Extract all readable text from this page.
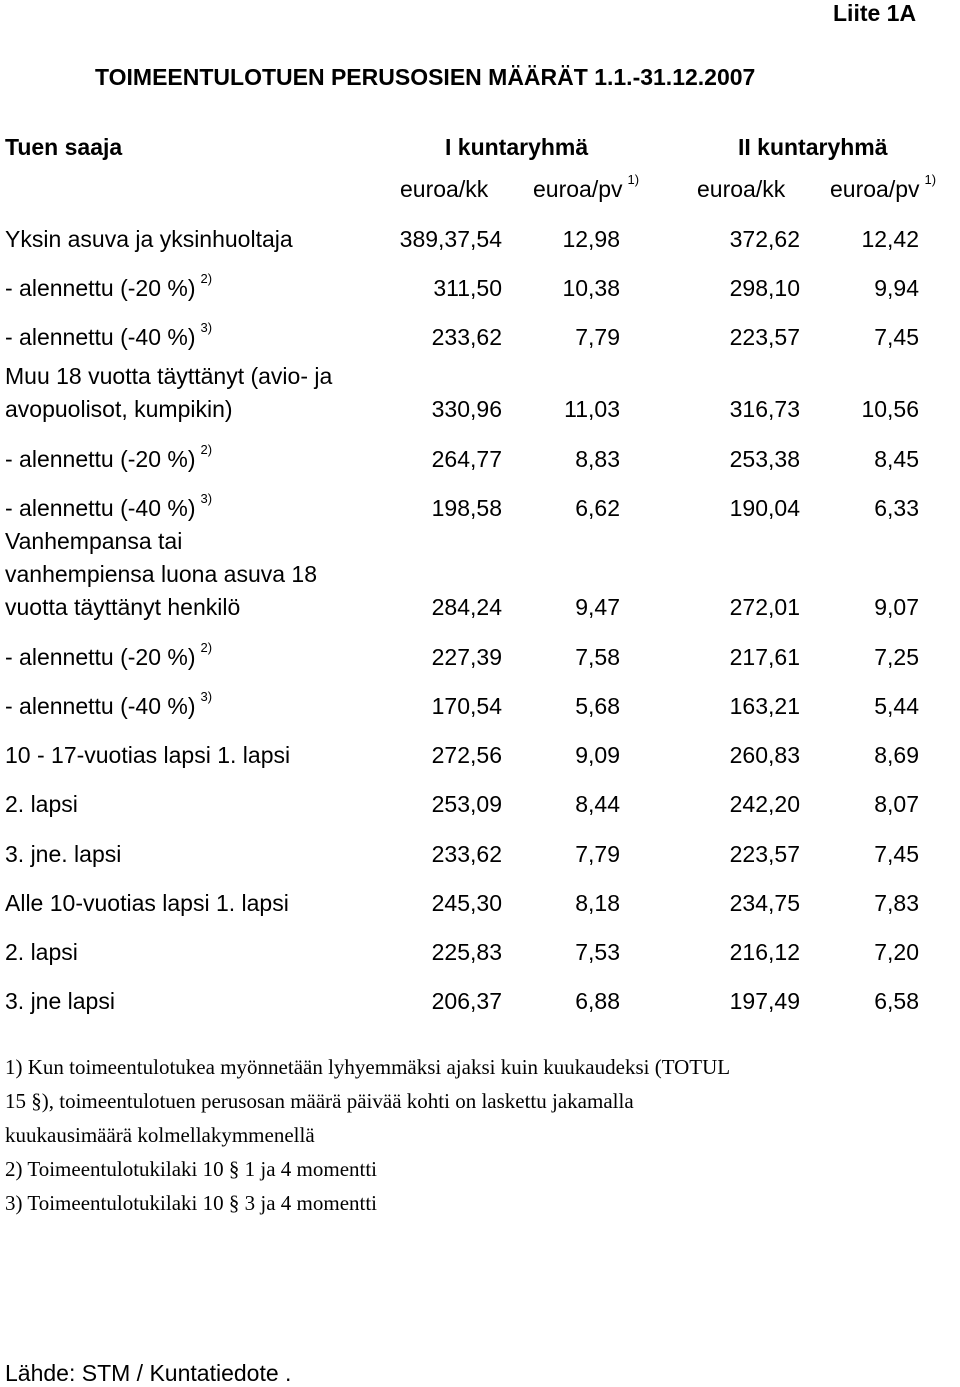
Liite 1A
TOIMEENTULOTUEN PERUSOSIEN MÄÄRÄT 1.1.-31.12.2007
Tuen saaja	I kuntaryhmä	II kuntaryhmä
euroa/kk euroa/pv $^{1)}$	euroa/kk euroa/pv $^{1)}$
Yksin asuva ja yksinhuoltaja	389,37,54	12,98	372,62	12,42
- alennettu (-20 %) $^{2)}$	311,50	10,38	298,10	9,94
- alennettu (-40 %) $^{3)}$	233,62	7,79	223,57	7,45
Muu 18 vuotta täyttänyt (avio- ja
avopuolisot, kumpikin)	330,96	11,03	316,73	10,56
- alennettu (-20 %) $^{2)}$	264,77	8,83	253,38	8,45
- alennettu (-40 %) $^{3)}$	198,58	6,62	190,04	6,33
Vanhempansa tai
vanhempiensa luona asuva 18
vuotta täyttänyt henkilö	284,24	9,47	272,01	9,07
- alennettu (-20 %) $^{2)}$	227,39	7,58	217,61	7,25
- alennettu (-40 %) $^{3)}$	170,54	5,68	163,21	5,44
10 - 17-vuotias lapsi 1. lapsi	272,56	9,09	260,83	8,69
2. lapsi	253,09	8,44	242,20	8,07
3. jne. lapsi	233,62	7,79	223,57	7,45
Alle 10-vuotias lapsi 1. lapsi	245,30	8,18	234,75	7,83
2. lapsi	225,83	7,53	216,12	7,20
3. jne lapsi	206,37	6,88	197,49	6,58
1) Kun toimeentulotukea myönnetään lyhyemmäksi ajaksi kuin kuukaudeksi (TOTUL
15 §), toimeentulotuen perusosan määrä päivää kohti on laskettu jakamalla
kuukausimäärä kolmellakymmenellä
2) Toimeentulotukilaki 10 § 1 ja 4 momentti
3) Toimeentulotukilaki 10 § 3 ja 4 momentti
Lähde: STM / Kuntatiedote .
